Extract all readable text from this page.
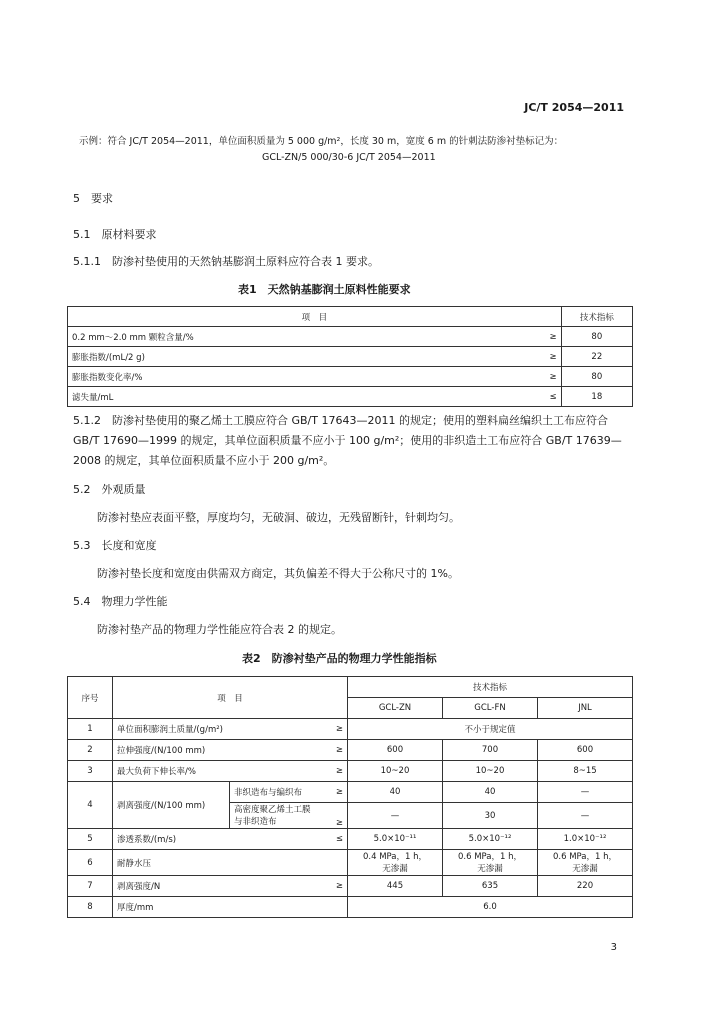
JC/T 2054—2011
示例：符合 JC/T 2054—2011，单位面积质量为 5 000 g/m²，长度 30 m，宽度 6 m 的针刺法防渗衬垫标记为：
GCL-ZN/5 000/30-6 JC/T 2054—2011
5　要求
5.1　原材料要求
5.1.1　防渗衬垫使用的天然钠基膨润土原料应符合表 1 要求。
表1　天然钠基膨润土原料性能要求
项　目		技术指标
0.2 mm～2.0 mm 颗粒含量/%	≥	80
膨胀指数/(mL/2 g)	≥	22
膨胀指数变化率/%	≥	80
滤失量/mL	≤	18
5.1.2　防渗衬垫使用的聚乙烯土工膜应符合 GB/T 17643—2011 的规定；使用的塑料扁丝编织土工布应符合 GB/T 17690—1999 的规定，其单位面积质量不应小于 100 g/m²；使用的非织造土工布应符合 GB/T 17639—2008 的规定，其单位面积质量不应小于 200 g/m²。
5.2　外观质量
防渗衬垫应表面平整，厚度均匀，无破洞、破边，无残留断针，针刺均匀。
5.3　长度和宽度
防渗衬垫长度和宽度由供需双方商定，其负偏差不得大于公称尺寸的 1%。
5.4　物理力学性能
防渗衬垫产品的物理力学性能应符合表 2 的规定。
表2　防渗衬垫产品的物理力学性能指标
序号	项　目			技术指标		
				GCL-ZN	GCL-FN	JNL
1	单位面积膨润土质量/(g/m²)		≥	不小于规定值		
2	拉伸强度/(N/100 mm)		≥	600	700	600
3	最大负荷下伸长率/%		≥	10~20	10~20	8~15
4	剥离强度/(N/100 mm)	非织造布与编织布	≥	40	40	—
		高密度聚乙烯土工膜
与非织造布	≥	—	30	—
5	渗透系数/(m/s)		≤	5.0×10⁻¹¹	5.0×10⁻¹²	1.0×10⁻¹²
6	耐静水压			0.4 MPa，1 h，
无渗漏	0.6 MPa，1 h，
无渗漏	0.6 MPa，1 h，
无渗漏
7	剥离强度/N		≥	445	635	220
8	厚度/mm			6.0		
3
